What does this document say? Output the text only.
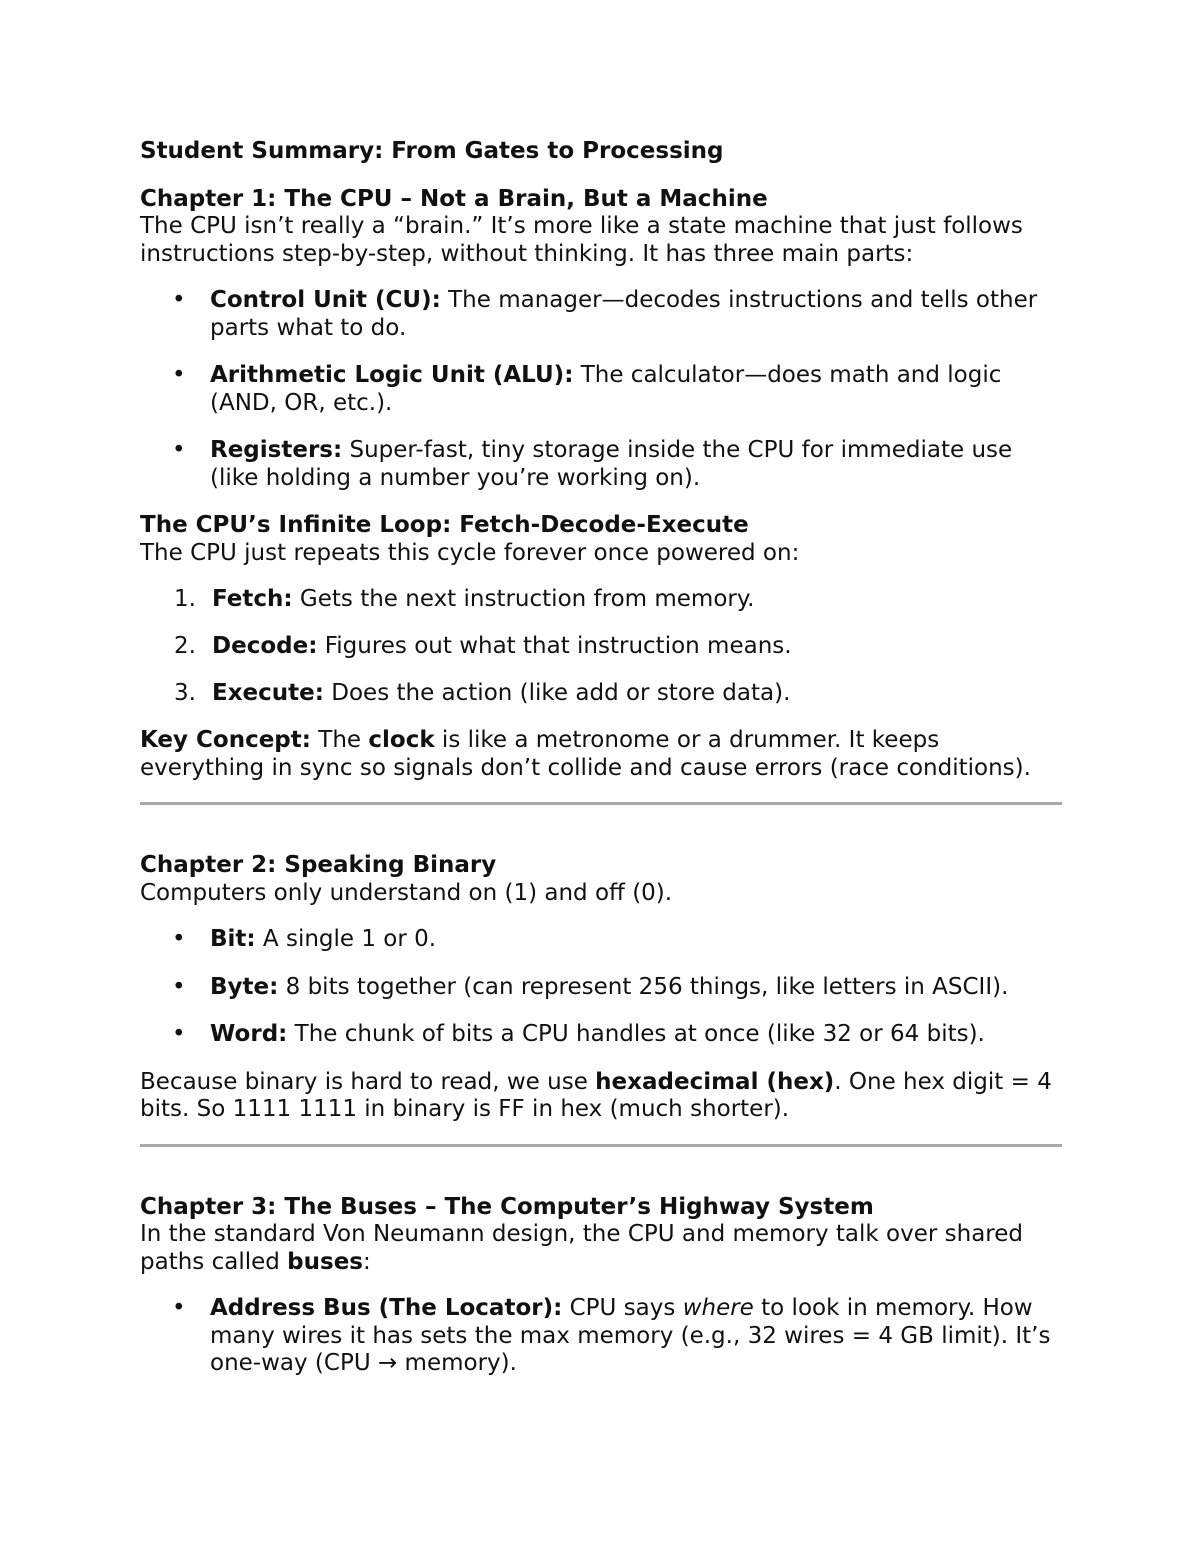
Student Summary: From Gates to Processing

Chapter 1: The CPU – Not a Brain, But a Machine

The CPU isn’t really a “brain.” It’s more like a state machine that just follows instructions step-by-step, without thinking. It has three main parts:

• Control Unit (CU): The manager—decodes instructions and tells other parts what to do.
• Arithmetic Logic Unit (ALU): The calculator—does math and logic (AND, OR, etc.).
• Registers: Super-fast, tiny storage inside the CPU for immediate use (like holding a number you’re working on).

The CPU’s Infinite Loop: Fetch-Decode-Execute

The CPU just repeats this cycle forever once powered on:

1. Fetch: Gets the next instruction from memory.
2. Decode: Figures out what that instruction means.
3. Execute: Does the action (like add or store data).

Key Concept: The clock is like a metronome or a drummer. It keeps everything in sync so signals don’t collide and cause errors (race conditions).

Chapter 2: Speaking Binary

Computers only understand on (1) and off (0).

• Bit: A single 1 or 0.
• Byte: 8 bits together (can represent 256 things, like letters in ASCII).
• Word: The chunk of bits a CPU handles at once (like 32 or 64 bits).

Because binary is hard to read, we use hexadecimal (hex). One hex digit = 4 bits. So 1111 1111 in binary is FF in hex (much shorter).

Chapter 3: The Buses – The Computer’s Highway System

In the standard Von Neumann design, the CPU and memory talk over shared paths called buses:

• Address Bus (The Locator): CPU says where to look in memory. How many wires it has sets the max memory (e.g., 32 wires = 4 GB limit). It’s one-way (CPU → memory).
